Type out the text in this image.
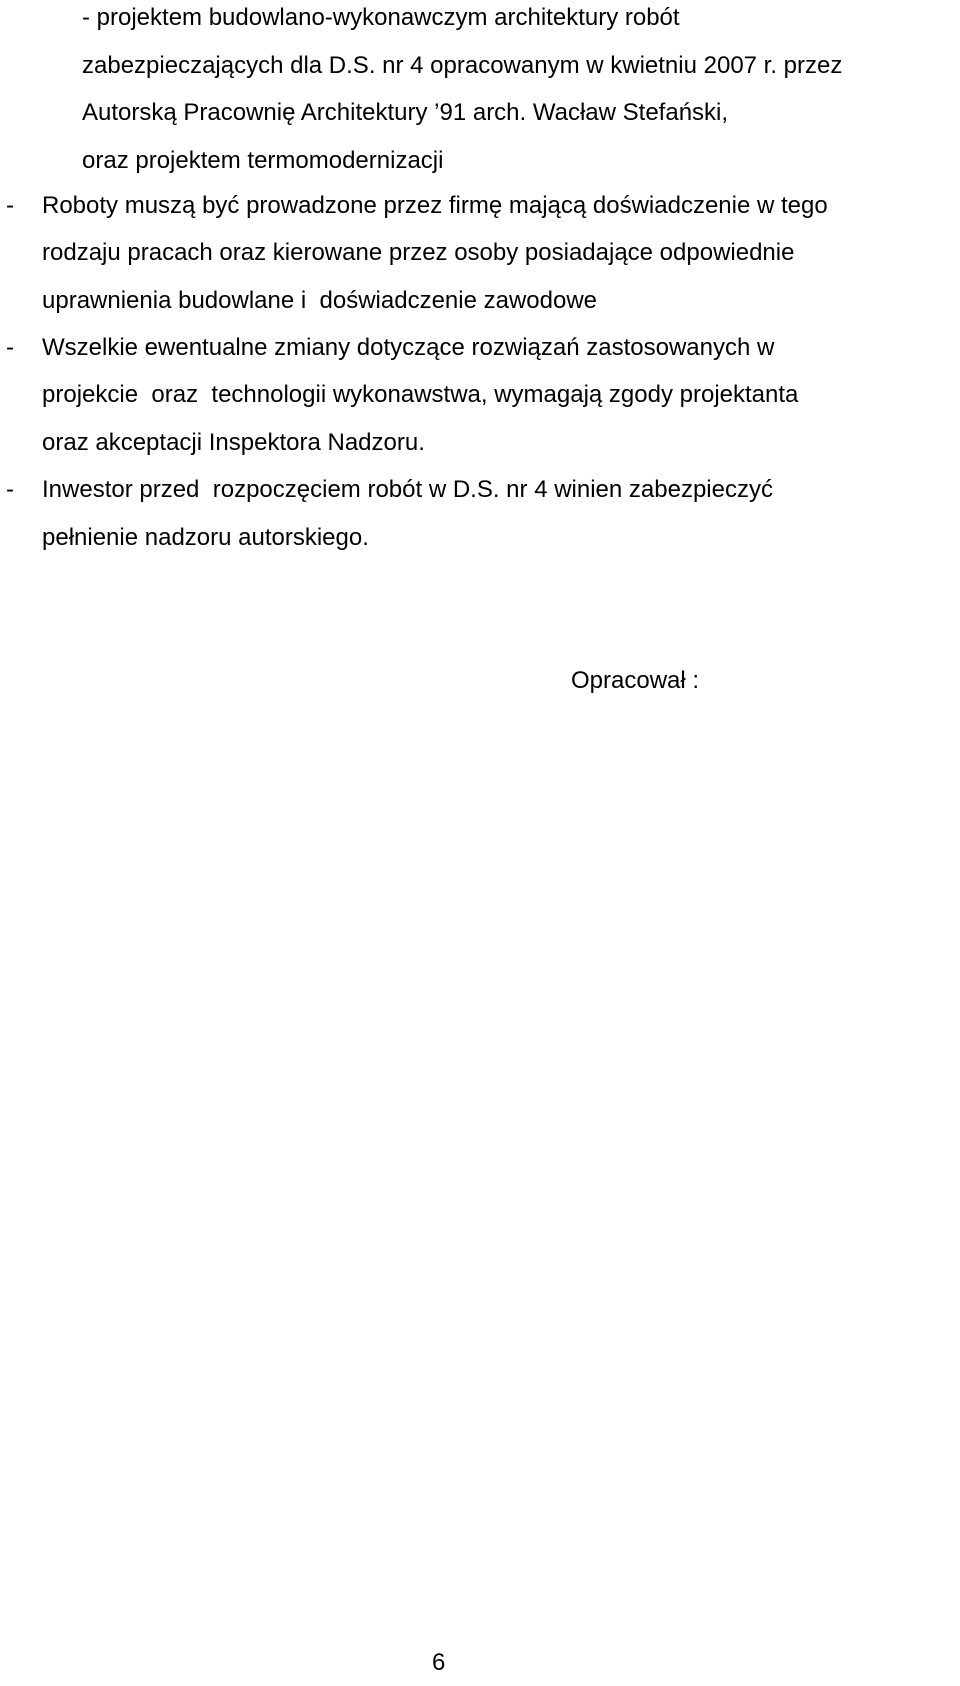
- projektem budowlano-wykonawczym architektury robót
zabezpieczających dla D.S. nr 4 opracowanym w kwietniu 2007 r. przez
Autorską Pracownię Architektury ’91 arch. Wacław Stefański,
oraz projektem termomodernizacji
- Roboty muszą być prowadzone przez firmę mającą doświadczenie w tego
rodzaju pracach oraz kierowane przez osoby posiadające odpowiednie
uprawnienia budowlane i  doświadczenie zawodowe
- Wszelkie ewentualne zmiany dotyczące rozwiązań zastosowanych w
projekcie  oraz  technologii wykonawstwa, wymagają zgody projektanta
oraz akceptacji Inspektora Nadzoru.
- Inwestor przed  rozpoczęciem robót w D.S. nr 4 winien zabezpieczyć
pełnienie nadzoru autorskiego.
Opracował :
6
